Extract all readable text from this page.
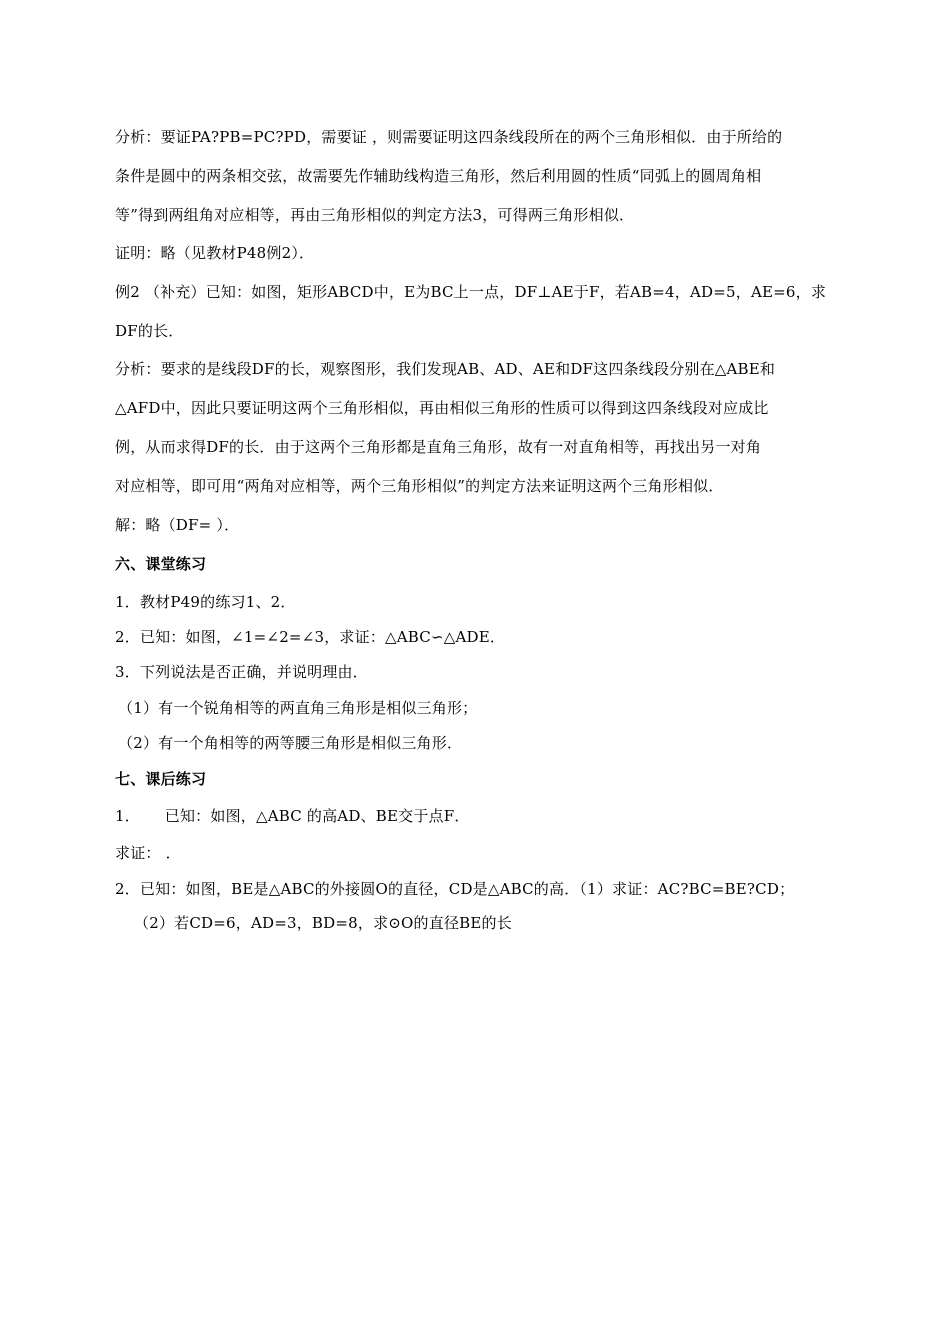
分析：要证PA?PB=PC?PD，需要证 ，则需要证明这四条线段所在的两个三角形相似．由于所给的
条件是圆中的两条相交弦，故需要先作辅助线构造三角形，然后利用圆的性质“同弧上的圆周角相
等”得到两组角对应相等，再由三角形相似的判定方法3，可得两三角形相似．
证明：略（见教材P48例2）．
例2 （补充）已知：如图，矩形ABCD中，E为BC上一点，DF⊥AE于F，若AB=4，AD=5，AE=6，求
DF的长．
分析：要求的是线段DF的长，观察图形，我们发现AB、AD、AE和DF这四条线段分别在△ABE和
△AFD中，因此只要证明这两个三角形相似，再由相似三角形的性质可以得到这四条线段对应成比
例，从而求得DF的长．由于这两个三角形都是直角三角形，故有一对直角相等，再找出另一对角
对应相等，即可用“两角对应相等，两个三角形相似”的判定方法来证明这两个三角形相似．
解：略（DF= ）．
六、课堂练习
1．教材P49的练习1、2．
2．已知：如图，∠1=∠2=∠3，求证：△ABC∽△ADE．
3．下列说法是否正确，并说明理由．
（1）有一个锐角相等的两直角三角形是相似三角形；
（2）有一个角相等的两等腰三角形是相似三角形．
七、课后练习
1．     已知：如图，△ABC 的高AD、BE交于点F．
求证： ．
2．已知：如图，BE是△ABC的外接圆O的直径，CD是△ABC的高．（1）求证：AC?BC=BE?CD；
（2）若CD=6，AD=3，BD=8，求⊙O的直径BE的长
